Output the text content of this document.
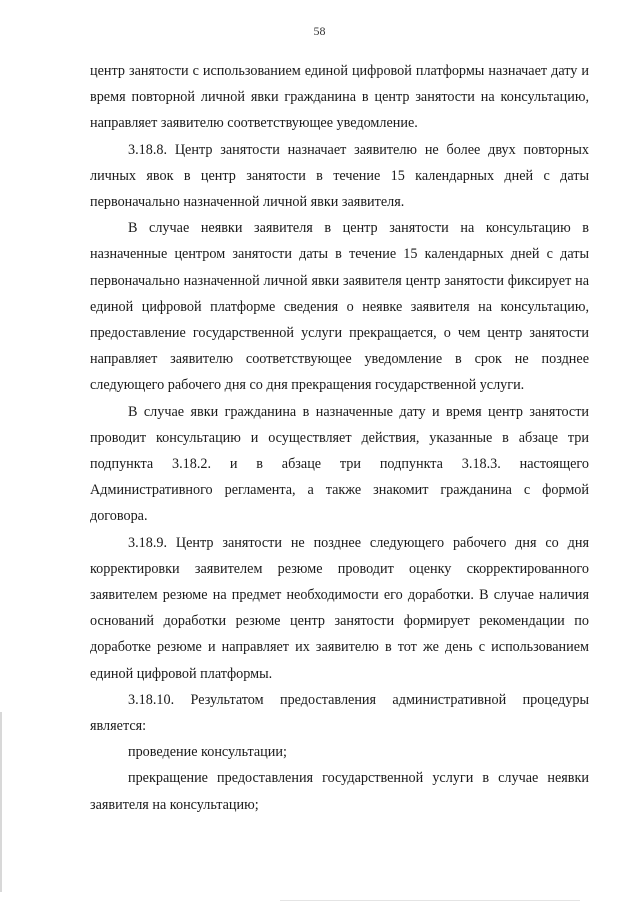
58

центр занятости с использованием единой цифровой платформы назначает дату и время повторной личной явки гражданина в центр занятости на консультацию, направляет заявителю соответствующее уведомление.

3.18.8. Центр занятости назначает заявителю не более двух повторных личных явок в центр занятости в течение 15 календарных дней с даты первоначально назначенной личной явки заявителя.

В случае неявки заявителя в центр занятости на консультацию в назначенные центром занятости даты в течение 15 календарных дней с даты первоначально назначенной личной явки заявителя центр занятости фиксирует на единой цифровой платформе сведения о неявке заявителя на консультацию, предоставление государственной услуги прекращается, о чем центр занятости направляет заявителю соответствующее уведомление в срок не позднее следующего рабочего дня со дня прекращения государственной услуги.

В случае явки гражданина в назначенные дату и время центр занятости проводит консультацию и осуществляет действия, указанные в абзаце три подпункта 3.18.2. и в абзаце три подпункта 3.18.3. настоящего Административного регламента, а также знакомит гражданина с формой договора.

3.18.9. Центр занятости не позднее следующего рабочего дня со дня корректировки заявителем резюме проводит оценку скорректированного заявителем резюме на предмет необходимости его доработки. В случае наличия оснований доработки резюме центр занятости формирует рекомендации по доработке резюме и направляет их заявителю в тот же день с использованием единой цифровой платформы.

3.18.10. Результатом предоставления административной процедуры является:

проведение консультации;

прекращение предоставления государственной услуги в случае неявки заявителя на консультацию;
